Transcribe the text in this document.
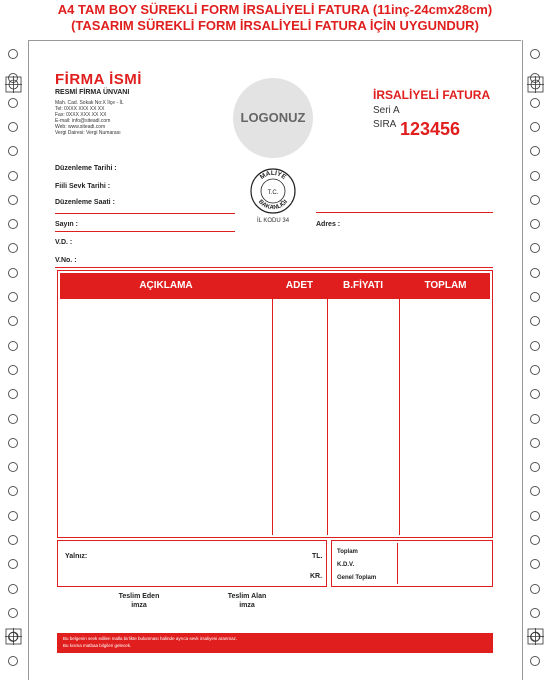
A4 TAM BOY SÜREKLİ FORM İRSALİYELİ FATURA (11inç-24cmx28cm)
(TASARIM SÜREKLİ FORM İRSALİYELİ FATURA İÇİN UYGUNDUR)
FİRMA İSMİ
RESMİ FİRMA ÜNVANI
Mah. Cad. Sokak No:X İlçe - İL
Tel: 0XXX XXX XX XX
Fax: 0XXX XXX XX XX
E-mail: info@siteadi.com
Web: www.siteadi.com
Vergi Dairesi: Vergi Numarası
LOGONUZ
İRSALİYELİ FATURA
Seri A
SIRA 123456
Düzenleme Tarihi :
Fiili Sevk Tarihi :
Düzenleme Saati :
MALİYE
BAKANLIĞI
T.C.
İL KODU 34
Sayın :	Adres :
V.D. :
V.No. :
AÇIKLAMA	ADET	B.FİYATI	TOPLAM
Yalnız:	TL.
KR.
Toplam
K.D.V.
Genel Toplam
Teslim Eden
imza
Teslim Alan
imza
Bu belgenin sevk edilen malla birlikte bulunması halinde ayrıca sevk irsaliyesi aranmaz.
Bu kısma matbaa bilgileri gelecek.
